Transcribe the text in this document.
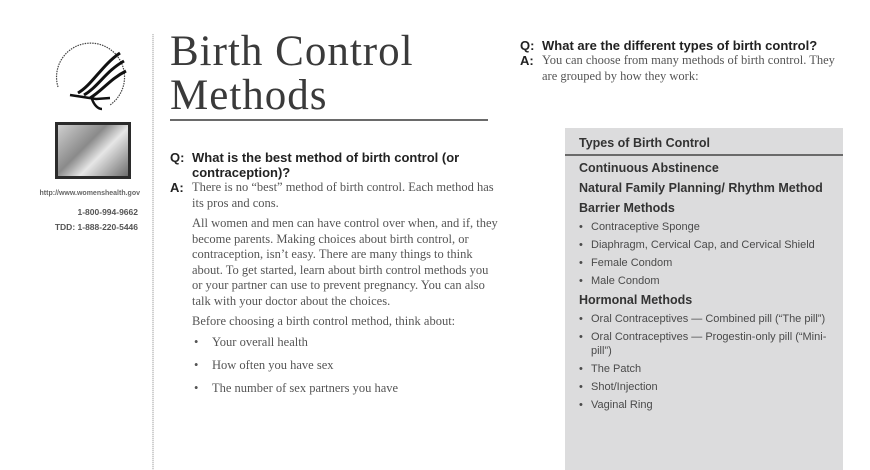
http://www.womenshealth.gov
1-800-994-9662
TDD: 1-888-220-5446
Birth Control
Methods
Q: What is the best method of birth control (or contraception)?
A: There is no “best” method of birth control. Each method has its pros and cons.

All women and men can have control over when, and if, they become parents. Making choices about birth control, or contraception, isn’t easy. There are many things to think about. To get started, learn about birth control methods you or your partner can use to prevent pregnancy. You can also talk with your doctor about the choices.

Before choosing a birth control method, think about:

•	Your overall health
•	How often you have sex
•	The number of sex partners you have
Q: What are the different types of birth control?
A: You can choose from many methods of birth control. They are grouped by how they work:
Types of Birth Control
Continuous Abstinence
Natural Family Planning/ Rhythm Method
Barrier Methods
• Contraceptive Sponge
• Diaphragm, Cervical Cap, and Cervical Shield
• Female Condom
• Male Condom
Hormonal Methods
• Oral Contraceptives — Combined pill (“The pill”)
• Oral Contraceptives — Progestin-only pill (“Mini-pill”)
• The Patch
• Shot/Injection
• Vaginal Ring
